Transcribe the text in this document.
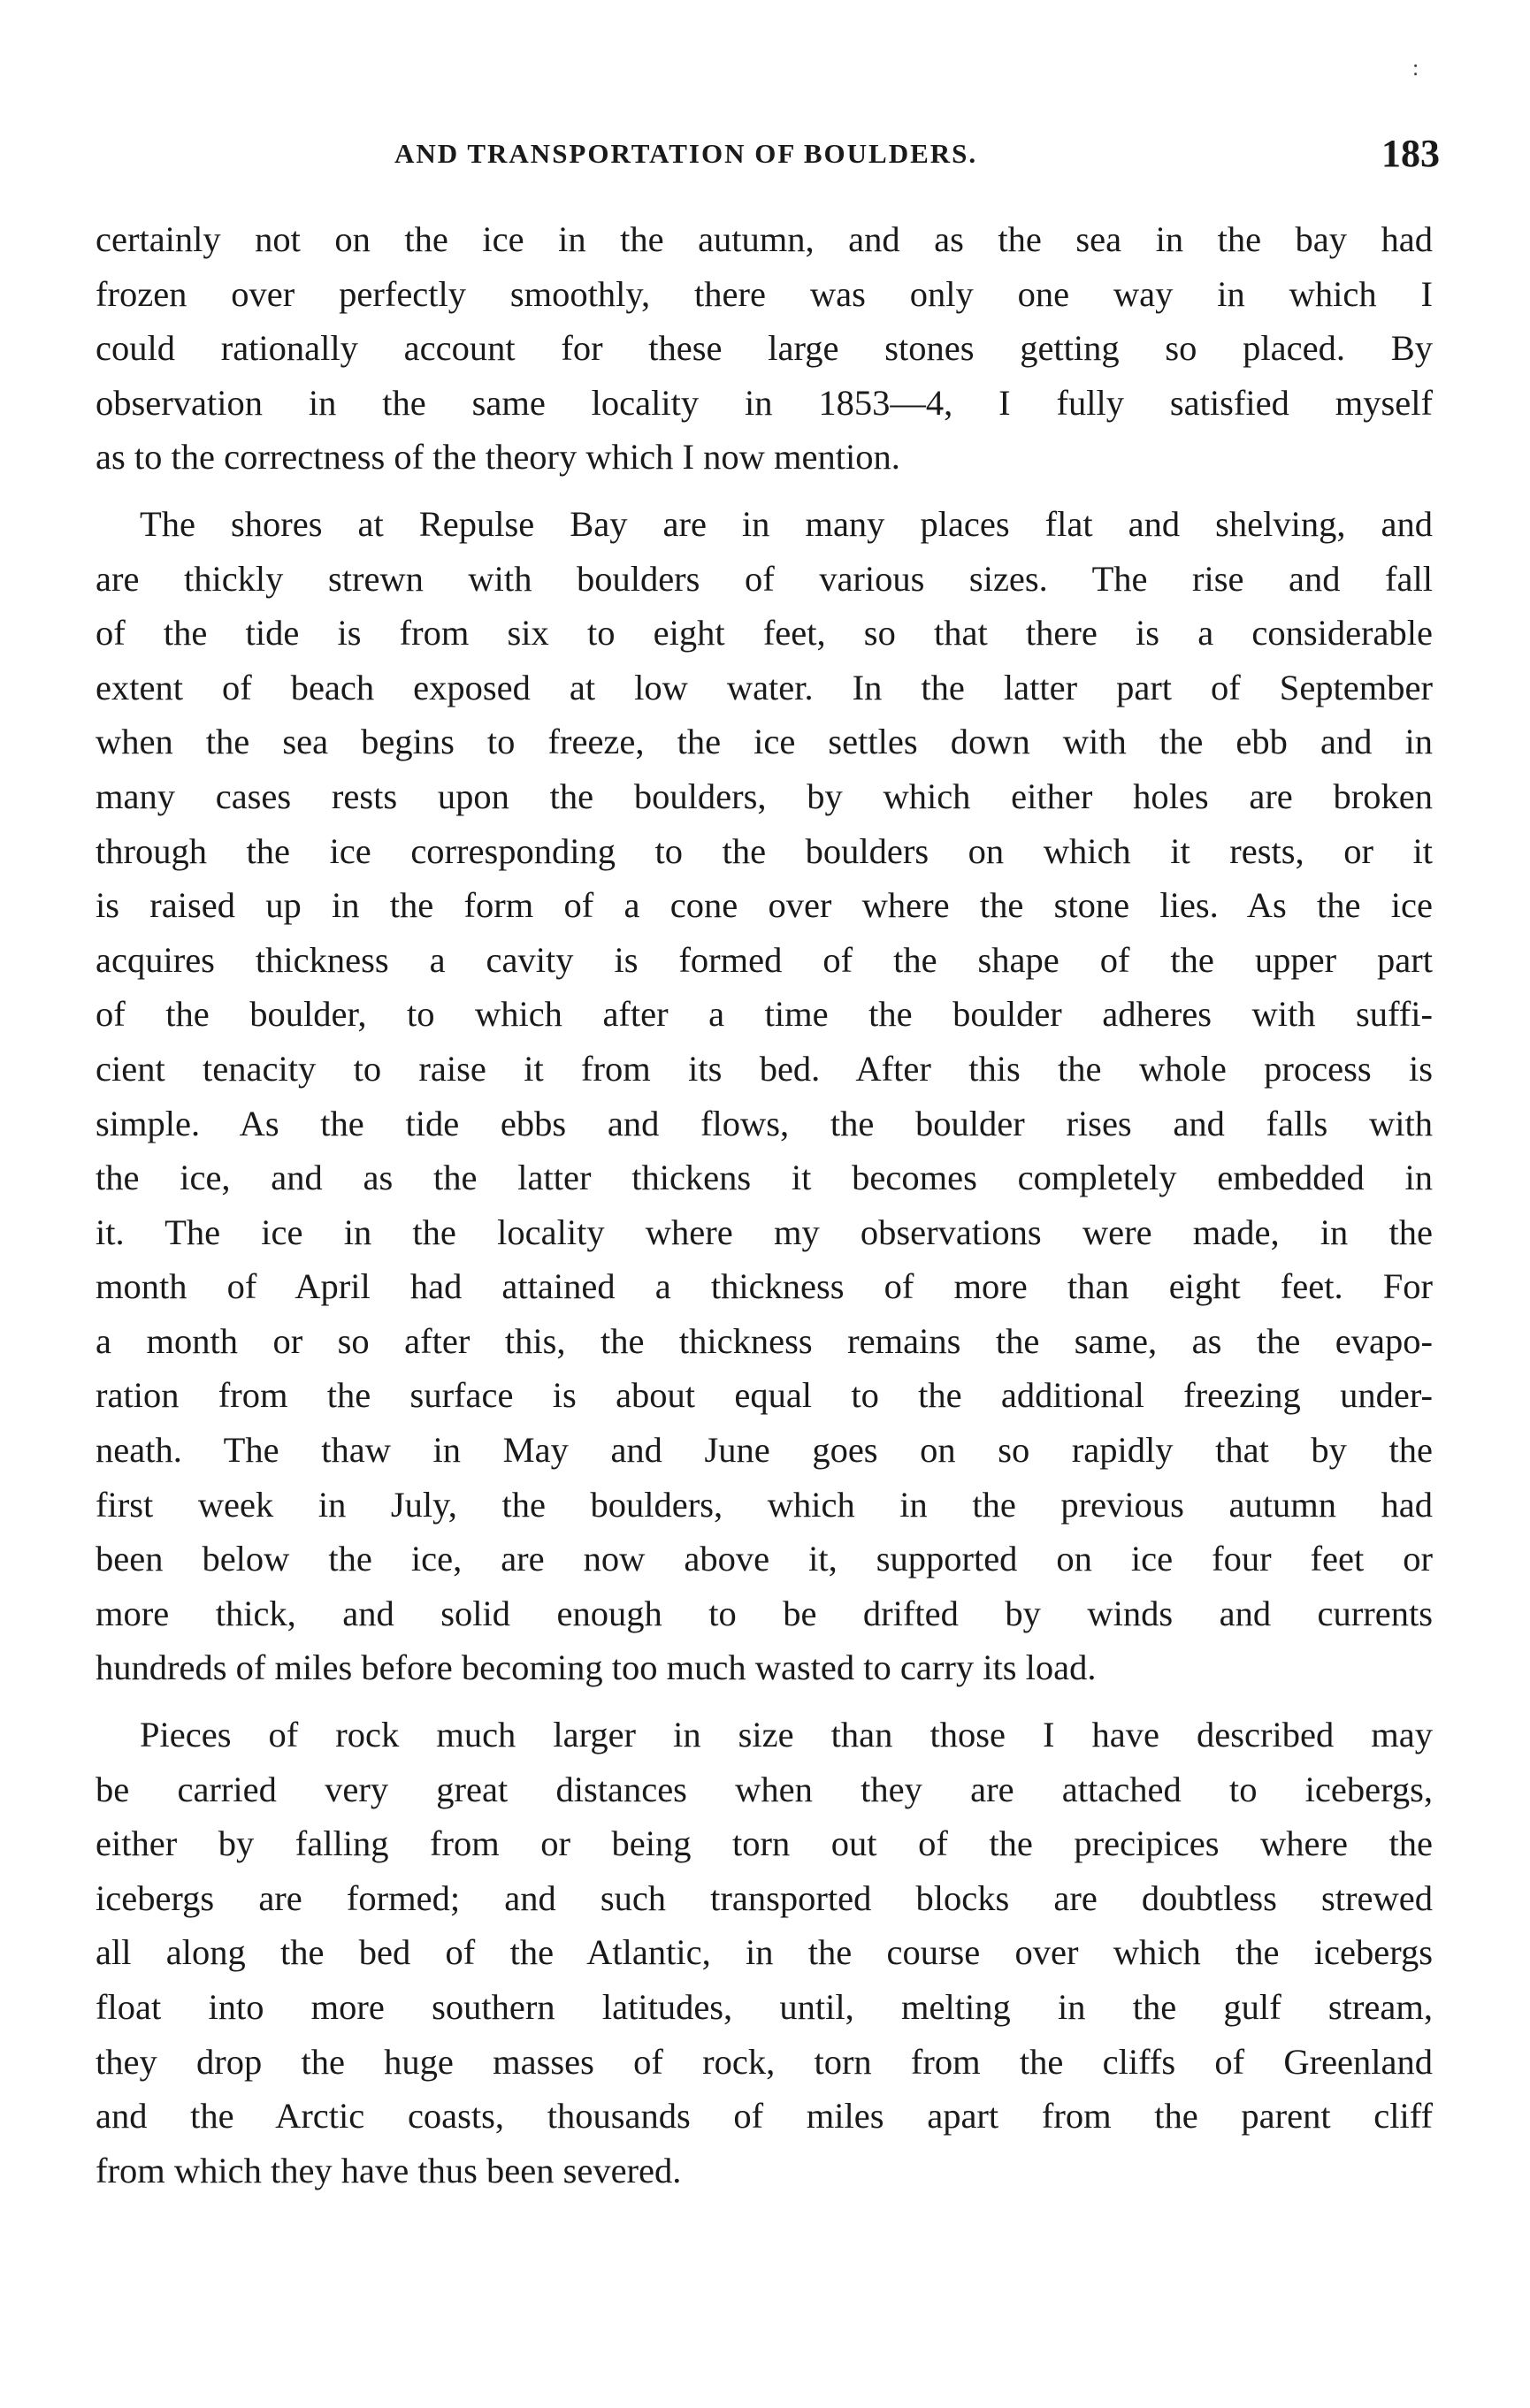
:
AND TRANSPORTATION OF BOULDERS.	183
certainly not on the ice in the autumn, and as the sea in the bay had
frozen over perfectly smoothly, there was only one way in which I
could rationally account for these large stones getting so placed. By
observation in the same locality in 1853—4, I fully satisfied myself
as to the correctness of the theory which I now mention.
The shores at Repulse Bay are in many places flat and shelving, and
are thickly strewn with boulders of various sizes. The rise and fall
of the tide is from six to eight feet, so that there is a considerable
extent of beach exposed at low water. In the latter part of September
when the sea begins to freeze, the ice settles down with the ebb and in
many cases rests upon the boulders, by which either holes are broken
through the ice corresponding to the boulders on which it rests, or it
is raised up in the form of a cone over where the stone lies. As the ice
acquires thickness a cavity is formed of the shape of the upper part
of the boulder, to which after a time the boulder adheres with suffi-
cient tenacity to raise it from its bed. After this the whole process is
simple. As the tide ebbs and flows, the boulder rises and falls with
the ice, and as the latter thickens it becomes completely embedded in
it. The ice in the locality where my observations were made, in the
month of April had attained a thickness of more than eight feet. For
a month or so after this, the thickness remains the same, as the evapo-
ration from the surface is about equal to the additional freezing under-
neath. The thaw in May and June goes on so rapidly that by the
first week in July, the boulders, which in the previous autumn had
been below the ice, are now above it, supported on ice four feet or
more thick, and solid enough to be drifted by winds and currents
hundreds of miles before becoming too much wasted to carry its load.
Pieces of rock much larger in size than those I have described may
be carried very great distances when they are attached to icebergs,
either by falling from or being torn out of the precipices where the
icebergs are formed; and such transported blocks are doubtless strewed
all along the bed of the Atlantic, in the course over which the icebergs
float into more southern latitudes, until, melting in the gulf stream,
they drop the huge masses of rock, torn from the cliffs of Greenland
and the Arctic coasts, thousands of miles apart from the parent cliff
from which they have thus been severed.
